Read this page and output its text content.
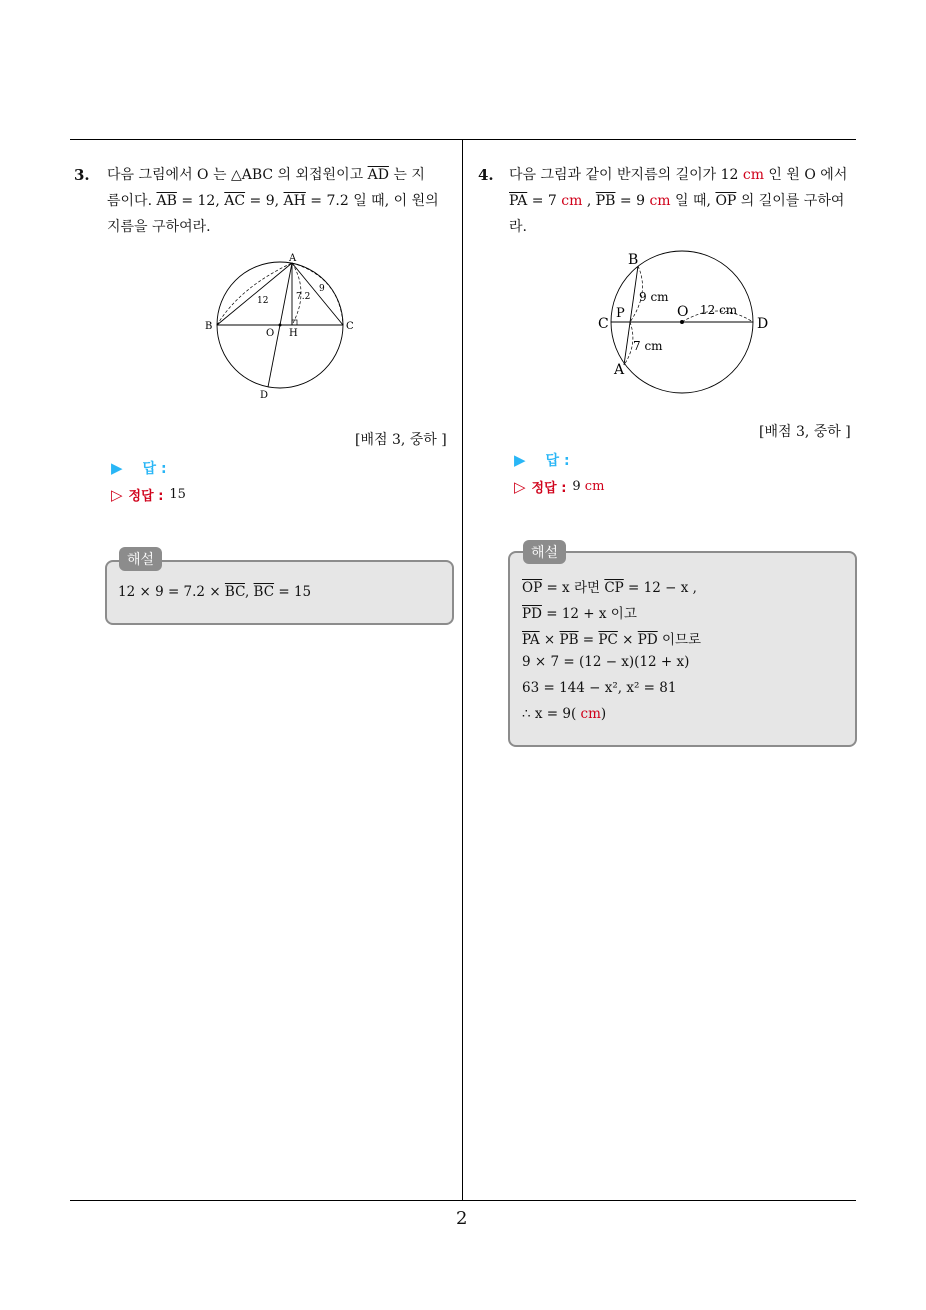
3. 다음 그림에서 O 는 △ABC 의 외접원이고 $\overline{AD}$ 는 지
름이다. $\overline{AB} = 12$, $\overline{AC} = 9$, $\overline{AH} = 7.2$ 일 때, 이 원의
지름을 구하여라.
A
B	C
D
O H
12
9
7.2
[배점 3, 중하 ]
▶ 답 :
▷ 정답 : 15
해설
$12 \times 9 = 7.2 \times \overline{BC}$, $\overline{BC} = 15$
4. 다음 그림과 같이 반지름의 길이가 12 cm 인 원 O 에서
$\overline{PA} = 7$ cm , $\overline{PB} = 9$ cm 일 때, $\overline{OP}$ 의 길이를 구하여
라.
B
A
C	D
O
P
9 cm
7 cm
12 cm
[배점 3, 중하 ]
▶ 답 :
▷ 정답 : 9 cm
해설
$\overline{OP} = x$ 라면 $\overline{CP} = 12 - x$ ,
$\overline{PD} = 12 + x$ 이고
$\overline{PA} \times \overline{PB} = \overline{PC} \times \overline{PD}$ 이므로
9 × 7 = (12 − x)(12 + x)
63 = 144 − x², x² = 81
∴ x = 9( cm)
2
